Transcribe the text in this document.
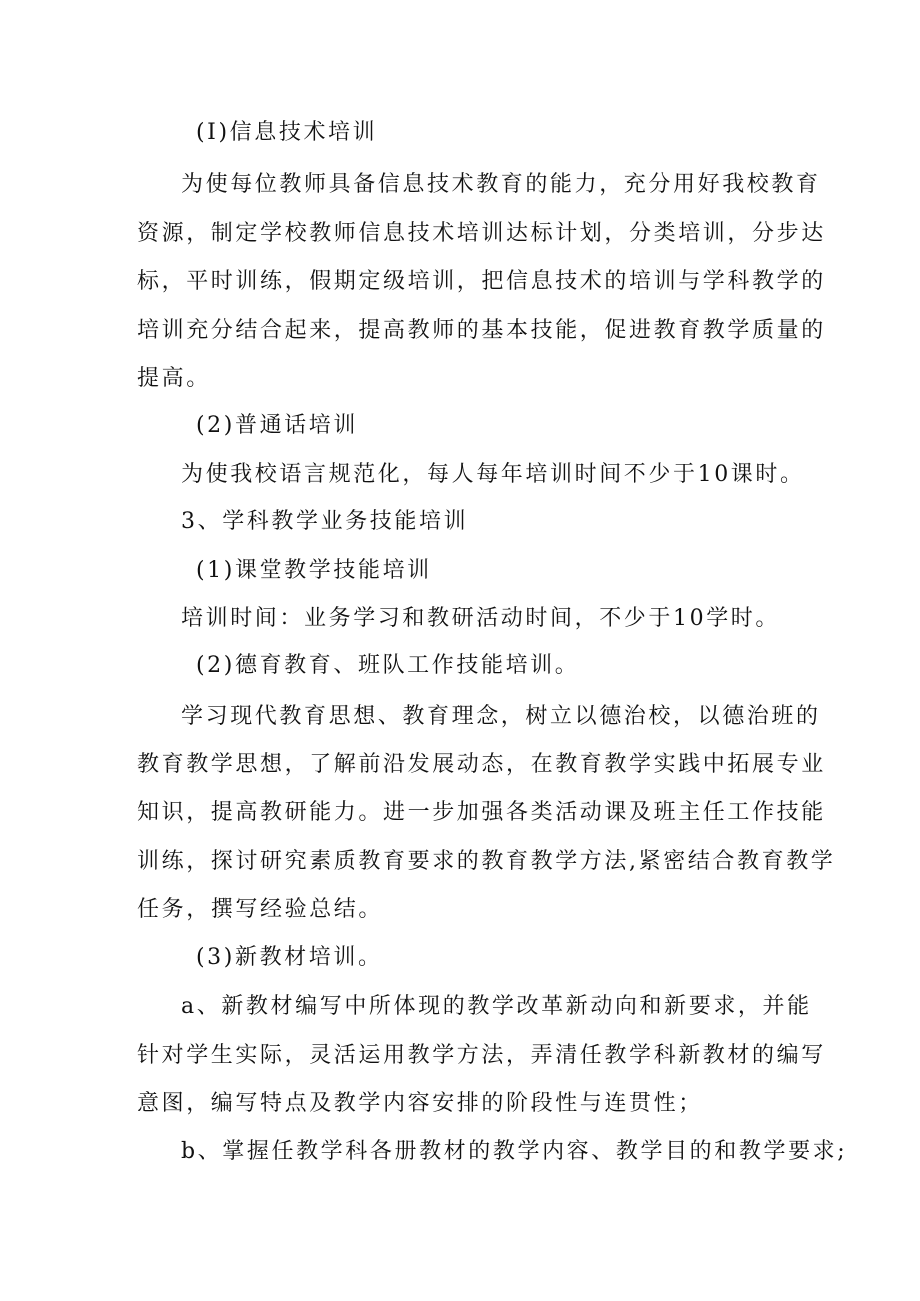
(I)信息技术培训
为使每位教师具备信息技术教育的能力，充分用好我校教育
资源，制定学校教师信息技术培训达标计划，分类培训，分步达
标，平时训练，假期定级培训，把信息技术的培训与学科教学的
培训充分结合起来，提高教师的基本技能，促进教育教学质量的
提高。
(2)普通话培训
为使我校语言规范化，每人每年培训时间不少于10课时。
3、学科教学业务技能培训
(1)课堂教学技能培训
培训时间：业务学习和教研活动时间，不少于10学时。
(2)德育教育、班队工作技能培训。
学习现代教育思想、教育理念，树立以德治校，以德治班的
教育教学思想，了解前沿发展动态，在教育教学实践中拓展专业
知识，提高教研能力。进一步加强各类活动课及班主任工作技能
训练，探讨研究素质教育要求的教育教学方法,紧密结合教育教学
任务，撰写经验总结。
(3)新教材培训。
a、新教材编写中所体现的教学改革新动向和新要求，并能
针对学生实际，灵活运用教学方法，弄清任教学科新教材的编写
意图，编写特点及教学内容安排的阶段性与连贯性；
b、掌握任教学科各册教材的教学内容、教学目的和教学要求;
